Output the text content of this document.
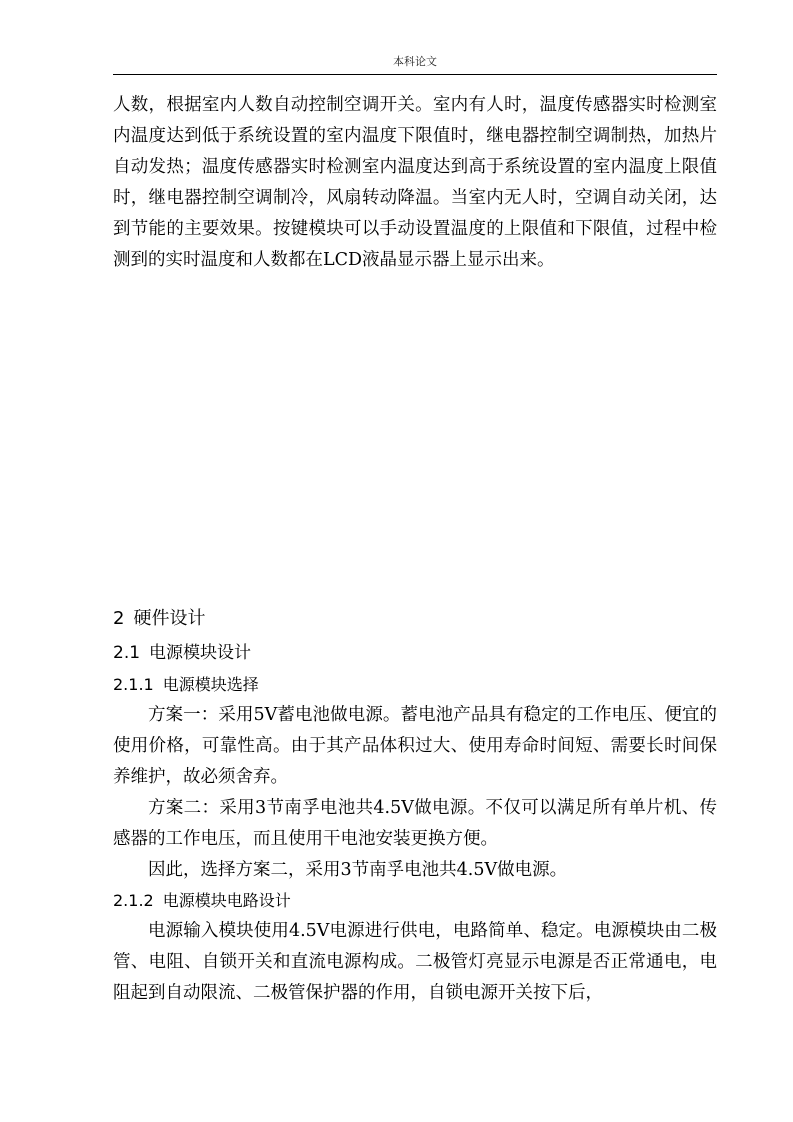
本科论文

人数，根据室内人数自动控制空调开关。室内有人时，温度传感器实时检测室内温度达到低于系统设置的室内温度下限值时，继电器控制空调制热，加热片自动发热；温度传感器实时检测室内温度达到高于系统设置的室内温度上限值时，继电器控制空调制冷，风扇转动降温。当室内无人时，空调自动关闭，达到节能的主要效果。按键模块可以手动设置温度的上限值和下限值，过程中检测到的实时温度和人数都在LCD液晶显示器上显示出来。

2 硬件设计
2.1 电源模块设计
2.1.1 电源模块选择

方案一：采用5V蓄电池做电源。蓄电池产品具有稳定的工作电压、便宜的使用价格，可靠性高。由于其产品体积过大、使用寿命时间短、需要长时间保养维护，故必须舍弃。

方案二：采用3节南孚电池共4.5V做电源。不仅可以满足所有单片机、传感器的工作电压，而且使用干电池安装更换方便。

因此，选择方案二，采用3节南孚电池共4.5V做电源。

2.1.2 电源模块电路设计

电源输入模块使用4.5V电源进行供电，电路简单、稳定。电源模块由二极管、电阻、自锁开关和直流电源构成。二极管灯亮显示电源是否正常通电，电阻起到自动限流、二极管保护器的作用，自锁电源开关按下后，
